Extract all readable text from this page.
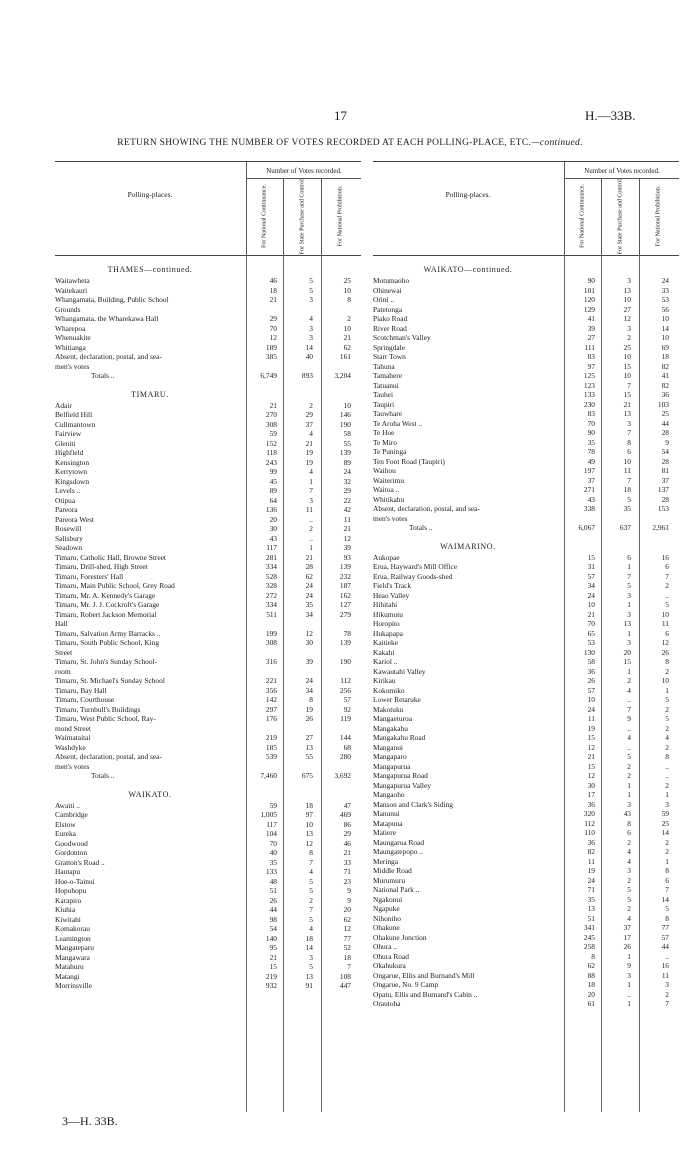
17	H.—33B.
RETURN SHOWING THE NUMBER OF VOTES RECORDED AT EACH POLLING-PLACE, ETC.—continued.
Polling-places.
Number of Votes recorded.
For National Continuance.	For State Purchase and Control.	For National Prohibition.
THAMES—continued.
Waitawheta	46	5	25
Waitekauri	18	5	10
Whangamata, Building, Public School	21	3	8
Grounds
Whangamata, the Wharekawa Hall	29	4	2
Wharepoa	70	3	10
Whenuakite	12	3	21
Whitianga	189	14	62
Absent, declaration, postal, and sea-	385	40	161
men's votes
Totals ..	6,749	893	3,204
TIMARU.
Adair	21	2	10
Belfield Hill	270	29	146
Cullmantown	308	37	190
Fairview	59	4	58
Gleniti	152	21	55
Highfield	118	19	139
Kensington	243	19	89
Kerrytown	99	4	24
Kingsdown	45	1	32
Levels ..	89	7	29
Otipua	64	3	22
Pareora	136	11	42
Pareora West	20	..	11
Rosewill	30	2	21
Salisbury	43	..	12
Seadown	117	1	39
Timaru, Catholic Hall, Browne Street	281	21	93
Timaru, Drill-shed, High Street	334	28	139
Timaru, Foresters' Hall	528	62	232
Timaru, Main Public School, Grey Road	328	24	187
Timaru, Mr. A. Kennedy's Garage	272	24	162
Timaru, Mr. J. J. Cockroft's Garage	334	35	127
Timaru, Robert Jackson Memorial	511	34	279
Hall
Timaru, Salvation Army Barracks ..	199	12	78
Timaru, South Public School, King	308	30	139
Street
Timaru, St. John's Sunday School-	316	39	190
room
Timaru, St. Michael's Sunday School	221	24	112
Timaru, Bay Hall	356	34	256
Timaru, Courthouse	142	8	57
Timaru, Turnbull's Buildings	297	19	92
Timaru, West Public School, Ray-	176	26	119
mond Street
Waimataitai	219	27	144
Washdyke	185	13	68
Absent, declaration, postal, and sea-	539	55	280
men's votes
Totals ..	7,460	675	3,692
WAIKATO.
Awaiti ..	59	18	47
Cambridge	1,005	97	469
Elstow	117	10	86
Eureka	104	13	29
Goodwood	70	12	46
Gordonton	40	8	21
Gratton's Road ..	35	7	33
Hautapu	133	4	71
Hoe-o-Tainui	48	5	23
Hopuhopu	51	5	9
Karapiro	26	2	9
Kiuhia	44	7	20
Kiwitahi	98	5	62
Komakorau	54	4	12
Leamington	140	18	77
Mangateparu	95	14	52
Mangawara	21	3	18
Matahuru	15	5	7
Matangi	219	13	108
Morrinsville	932	91	447
Polling-places.
Number of Votes recorded.
For National Continuance.	For State Purchase and Control.	For National Prohibition.
WAIKATO—continued.
Motumaoho	90	3	24
Ohinewai	101	13	33
Orini ..	120	10	53
Patetonga	129	27	56
Piako Road	41	12	10
River Road	39	3	14
Scotchman's Valley	27	2	10
Springdale	111	25	69
Starr Town	83	10	18
Tahuna	97	15	82
Tamahere	125	10	41
Tatuanui	123	7	82
Tauhei	133	15	36
Taupiri	230	21	103
Tauwhare	83	13	25
Te Aroha West ..	70	3	44
Te Hoe	90	7	28
Te Miro	35	8	9
Te Puninga	78	6	54
Ten Foot Road (Taupiri)	49	10	28
Waihou	197	11	81
Waiterimu	37	7	37
Waitoa ..	271	18	137
Whitikahu	43	5	28
Absent, declaration, postal, and sea-	338	35	153
men's votes
Totals ..	6,067	637	2,961
WAIMARINO.
Aukopae	15	6	16
Erua, Hayward's Mill Office	31	1	6
Erua, Railway Goods-shed	57	7	7
Field's Track	34	5	2
Heao Valley	24	3	..
Hihitahi	10	1	5
Hikumutu	21	3	10
Horopito	70	13	11
Hukapapa	65	1	6
Kaitieke	53	3	12
Kakahi	130	20	26
Kariol ..	58	15	8
Kawautahi Valley	36	1	2
Kirikau	26	2	10
Kokomiko	57	4	1
Lower Retaruke	10	..	5
Makotuku	24	7	2
Mangaeturoa	11	9	5
Mangakahu	19	..	2
Mangakahu Road	15	4	4
Manganui	12	..	2
Mangaparo	21	5	8
Mangapurua	15	2	..
Mangapurua Road	12	2	..
Mangapurua Valley	30	1	2
Mangaoho	17	1	1
Manson and Clark's Siding	36	3	3
Manunui	320	43	59
Matapuna	112	8	25
Matiere	110	6	14
Maungaroa Road	36	2	2
Maungatepopo ..	82	4	2
Meringa	11	4	1
Middle Road	19	3	8
Murumuru	24	2	6
National Park ..	71	5	7
Ngakonui	35	5	14
Ngapuke	13	2	5
Nihoniho	51	4	8
Ohakune	341	37	77
Ohakune Junction	245	17	57
Ohura ..	258	26	44
Ohura Road	8	1	..
Okahukura	62	9	16
Ongarue, Ellis and Burnand's Mill	88	3	11
Ongarue, No. 9 Camp	18	1	3
Opatu, Ellis and Burnand's Cabin ..	20	..	2
Orautoha	61	1	7
3—H. 33B.
